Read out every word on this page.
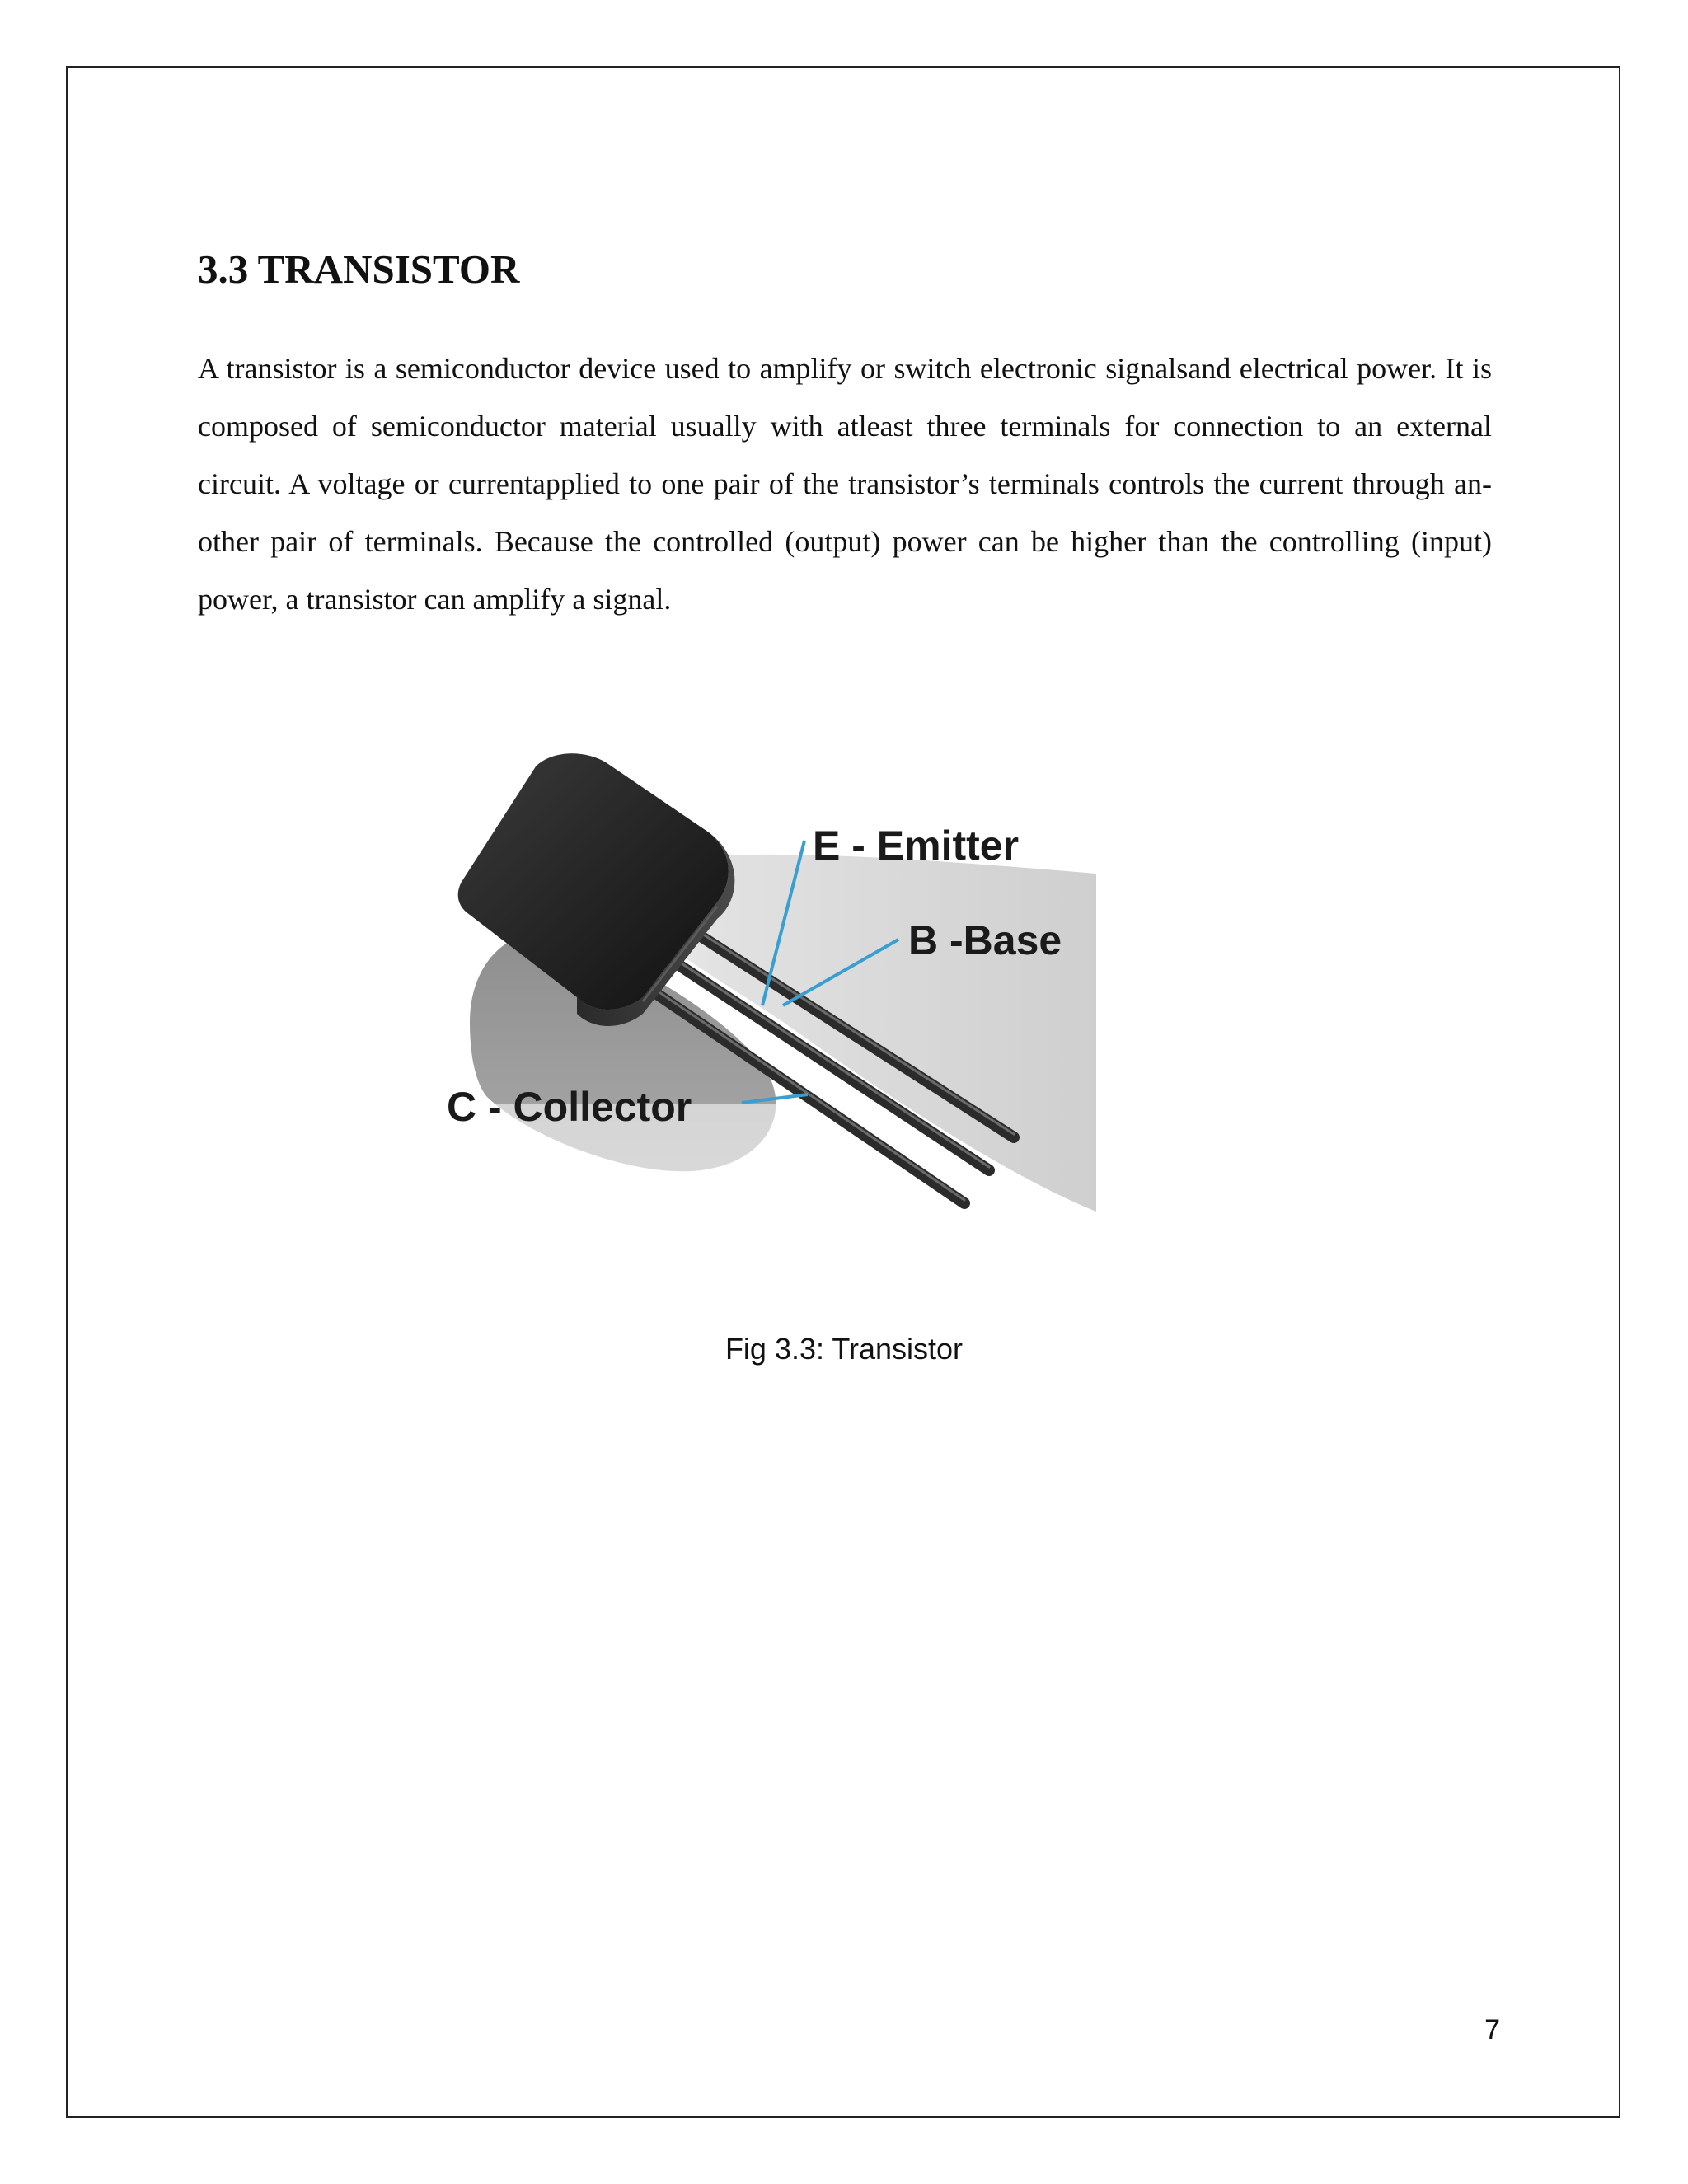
3.3 TRANSISTOR

A transistor is a semiconductor device used to amplify or switch electronic signalsand electrical power. It is composed of semiconductor material usually with atleast three terminals for connection to an external circuit. A voltage or currentapplied to one pair of the transistor’s terminals controls the current through an-other pair of terminals. Because the controlled (output) power can be higher than the controlling (input) power, a transistor can amplify a signal.

E - Emitter
B -Base
C - Collector

Fig 3.3: Transistor

7
